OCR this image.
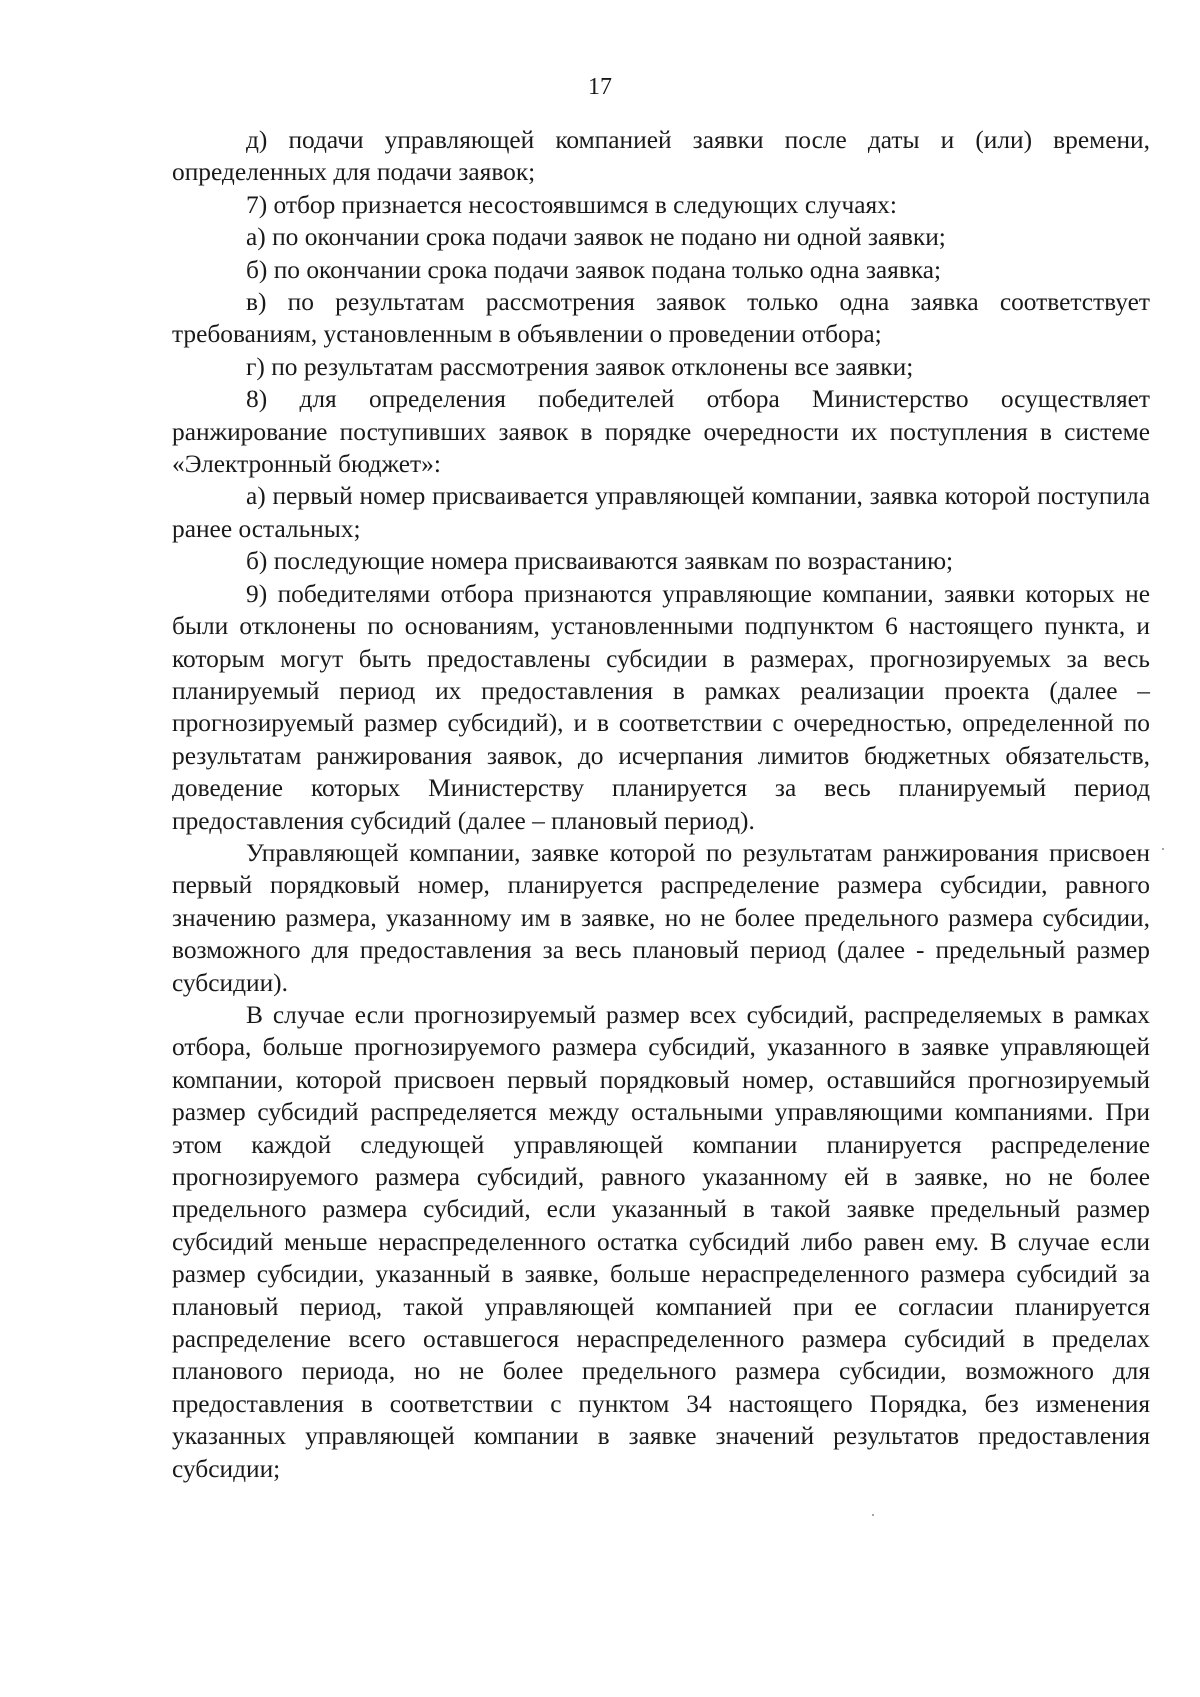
17

д) подачи управляющей компанией заявки после даты и (или) времени, определенных для подачи заявок;

7) отбор признается несостоявшимся в следующих случаях:

а) по окончании срока подачи заявок не подано ни одной заявки;

б) по окончании срока подачи заявок подана только одна заявка;

в) по результатам рассмотрения заявок только одна заявка соответствует требованиям, установленным в объявлении о проведении отбора;

г) по результатам рассмотрения заявок отклонены все заявки;

8) для определения победителей отбора Министерство осуществляет ранжирование поступивших заявок в порядке очередности их поступления в системе «Электронный бюджет»:

а) первый номер присваивается управляющей компании, заявка которой поступила ранее остальных;

б) последующие номера присваиваются заявкам по возрастанию;

9) победителями отбора признаются управляющие компании, заявки которых не были отклонены по основаниям, установленными подпунктом 6 настоящего пункта, и которым могут быть предоставлены субсидии в размерах, прогнозируемых за весь планируемый период их предоставления в рамках реализации проекта (далее – прогнозируемый размер субсидий), и в соответствии с очередностью, определенной по результатам ранжирования заявок, до исчерпания лимитов бюджетных обязательств, доведение которых Министерству планируется за весь планируемый период предоставления субсидий (далее – плановый период).

Управляющей компании, заявке которой по результатам ранжирования присвоен первый порядковый номер, планируется распределение размера субсидии, равного значению размера, указанному им в заявке, но не более предельного размера субсидии, возможного для предоставления за весь плановый период (далее - предельный размер субсидии).

В случае если прогнозируемый размер всех субсидий, распределяемых в рамках отбора, больше прогнозируемого размера субсидий, указанного в заявке управляющей компании, которой присвоен первый порядковый номер, оставшийся прогнозируемый размер субсидий распределяется между остальными управляющими компаниями. При этом каждой следующей управляющей компании планируется распределение прогнозируемого размера субсидий, равного указанному ей в заявке, но не более предельного размера субсидий, если указанный в такой заявке предельный размер субсидий меньше нераспределенного остатка субсидий либо равен ему. В случае если размер субсидии, указанный в заявке, больше нераспределенного размера субсидий за плановый период, такой управляющей компанией при ее согласии планируется распределение всего оставшегося нераспределенного размера субсидий в пределах планового периода, но не более предельного размера субсидии, возможного для предоставления в соответствии с пунктом 34 настоящего Порядка, без изменения указанных управляющей компании в заявке значений результатов предоставления субсидии;
